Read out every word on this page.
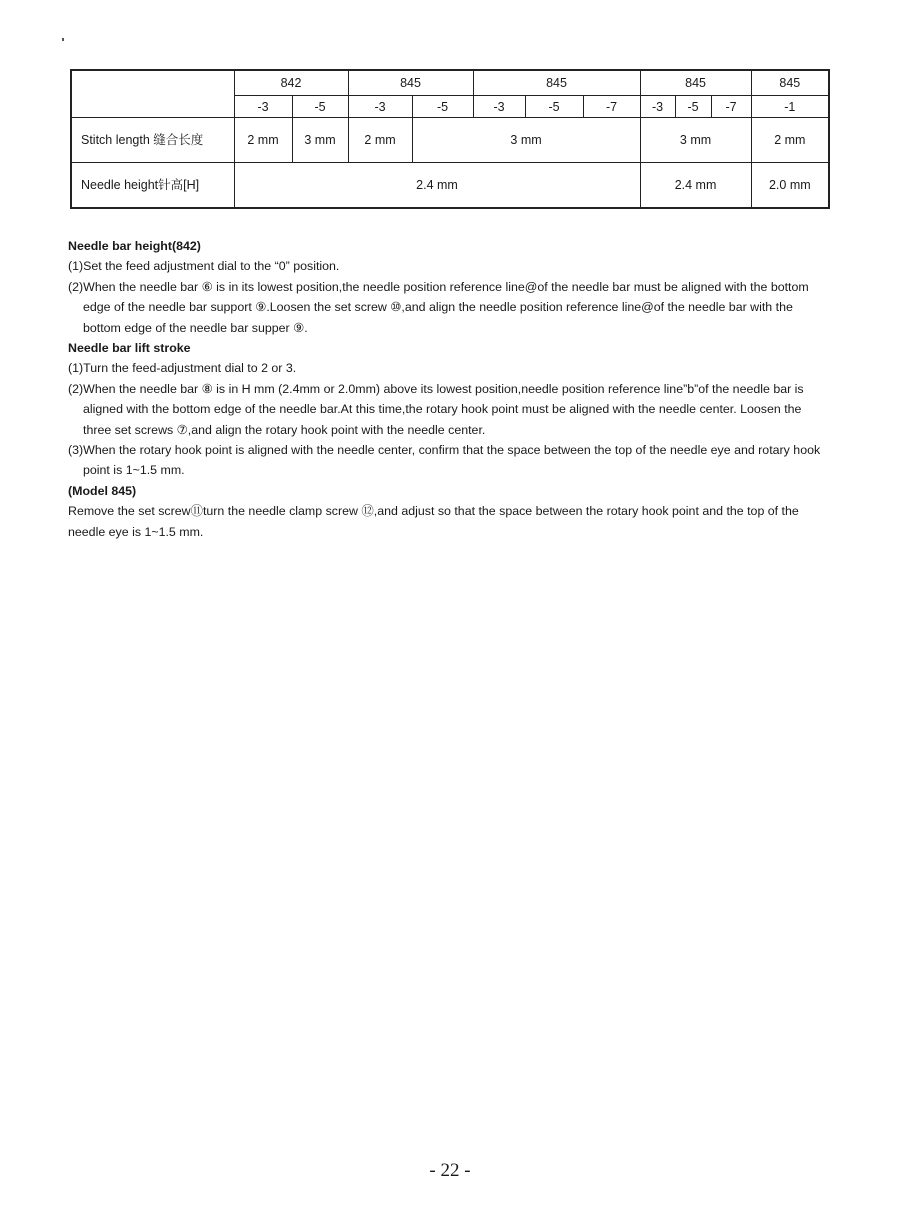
	842		845		845			845			845
	-3	-5	-3	-5	-3	-5	-7	-3	-5	-7	-1
Stitch length 缝合长度	2 mm	3 mm	2 mm	3 mm				3 mm			2 mm
Needle height针高[H]	2.4 mm							2.4 mm			2.0 mm

Needle bar height(842)

(1)Set the feed adjustment dial to the “0” position.

(2)When the needle bar ⑥ is in its lowest position,the needle position reference line@of the needle bar must be aligned with the bottom edge of the needle bar support ⑨.Loosen the set screw ⑩,and align the needle position reference line@of the needle bar with the bottom edge of the needle bar supper ⑨.

Needle bar lift stroke

(1)Turn the feed-adjustment dial to 2 or 3.

(2)When the needle bar ⑧ is in H mm (2.4mm or 2.0mm) above its lowest position,needle position reference line”b”of the needle bar is aligned with the bottom edge of the needle bar.At this time,the rotary hook point must be aligned with the needle center. Loosen the three set screws ⑦,and align the rotary hook point with the needle center.

(3)When the rotary hook point is aligned with the needle center, confirm that the space between the top of the needle eye and rotary hook point is 1~1.5 mm.

(Model 845)

Remove the set screw⑪turn the needle clamp screw ⑫,and adjust so that the space between the rotary hook point and the top of the needle eye is 1~1.5 mm.

- 22 -
